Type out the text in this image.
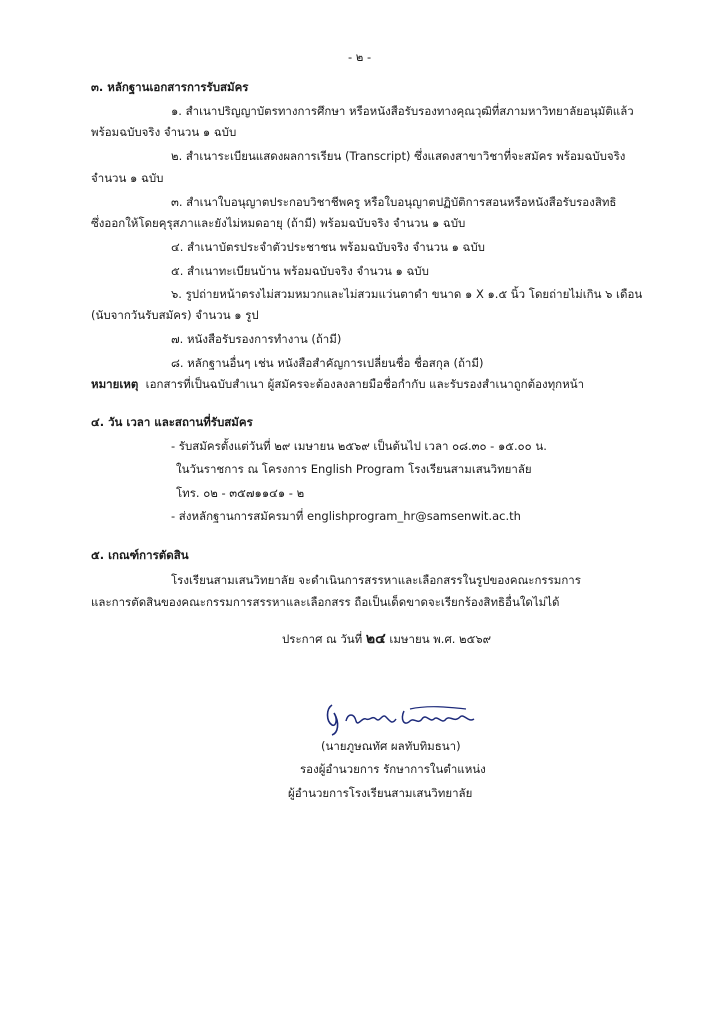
- ๒ -
๓. หลักฐานเอกสารการรับสมัคร
๑. สำเนาปริญญาบัตรทางการศึกษา หรือหนังสือรับรองทางคุณวุฒิที่สภามหาวิทยาลัยอนุมัติแล้ว
พร้อมฉบับจริง จำนวน ๑ ฉบับ
๒. สำเนาระเบียนแสดงผลการเรียน (Transcript) ซึ่งแสดงสาขาวิชาที่จะสมัคร พร้อมฉบับจริง
จำนวน ๑ ฉบับ
๓. สำเนาใบอนุญาตประกอบวิชาชีพครู หรือใบอนุญาตปฏิบัติการสอนหรือหนังสือรับรองสิทธิ
ซึ่งออกให้โดยคุรุสภาและยังไม่หมดอายุ (ถ้ามี) พร้อมฉบับจริง จำนวน ๑ ฉบับ
๔. สำเนาบัตรประจำตัวประชาชน พร้อมฉบับจริง จำนวน ๑ ฉบับ
๕. สำเนาทะเบียนบ้าน พร้อมฉบับจริง จำนวน ๑ ฉบับ
๖. รูปถ่ายหน้าตรงไม่สวมหมวกและไม่สวมแว่นตาดำ ขนาด ๑ X ๑.๕ นิ้ว โดยถ่ายไม่เกิน ๖ เดือน
(นับจากวันรับสมัคร) จำนวน ๑ รูป
๗. หนังสือรับรองการทำงาน (ถ้ามี)
๘. หลักฐานอื่นๆ เช่น หนังสือสำคัญการเปลี่ยนชื่อ ชื่อสกุล (ถ้ามี)
หมายเหตุ เอกสารที่เป็นฉบับสำเนา ผู้สมัครจะต้องลงลายมือชื่อกำกับ และรับรองสำเนาถูกต้องทุกหน้า
๔. วัน เวลา และสถานที่รับสมัคร
- รับสมัครตั้งแต่วันที่ ๒๙ เมษายน ๒๕๖๙ เป็นต้นไป เวลา ๐๘.๓๐ - ๑๕.๐๐ น.
ในวันราชการ ณ โครงการ English Program โรงเรียนสามเสนวิทยาลัย
โทร. ๐๒ - ๓๕๗๑๑๔๑ - ๒
- ส่งหลักฐานการสมัครมาที่ englishprogram_hr@samsenwit.ac.th
๕. เกณฑ์การตัดสิน
โรงเรียนสามเสนวิทยาลัย จะดำเนินการสรรหาและเลือกสรรในรูปของคณะกรรมการ
และการตัดสินของคณะกรรมการสรรหาและเลือกสรร ถือเป็นเด็ดขาดจะเรียกร้องสิทธิอื่นใดไม่ได้
ประกาศ ณ วันที่ ๒๔ เมษายน พ.ศ. ๒๕๖๙
(นายภูษณทัศ ผลทับทิมธนา)
รองผู้อำนวยการ รักษาการในตำแหน่ง
ผู้อำนวยการโรงเรียนสามเสนวิทยาลัย
